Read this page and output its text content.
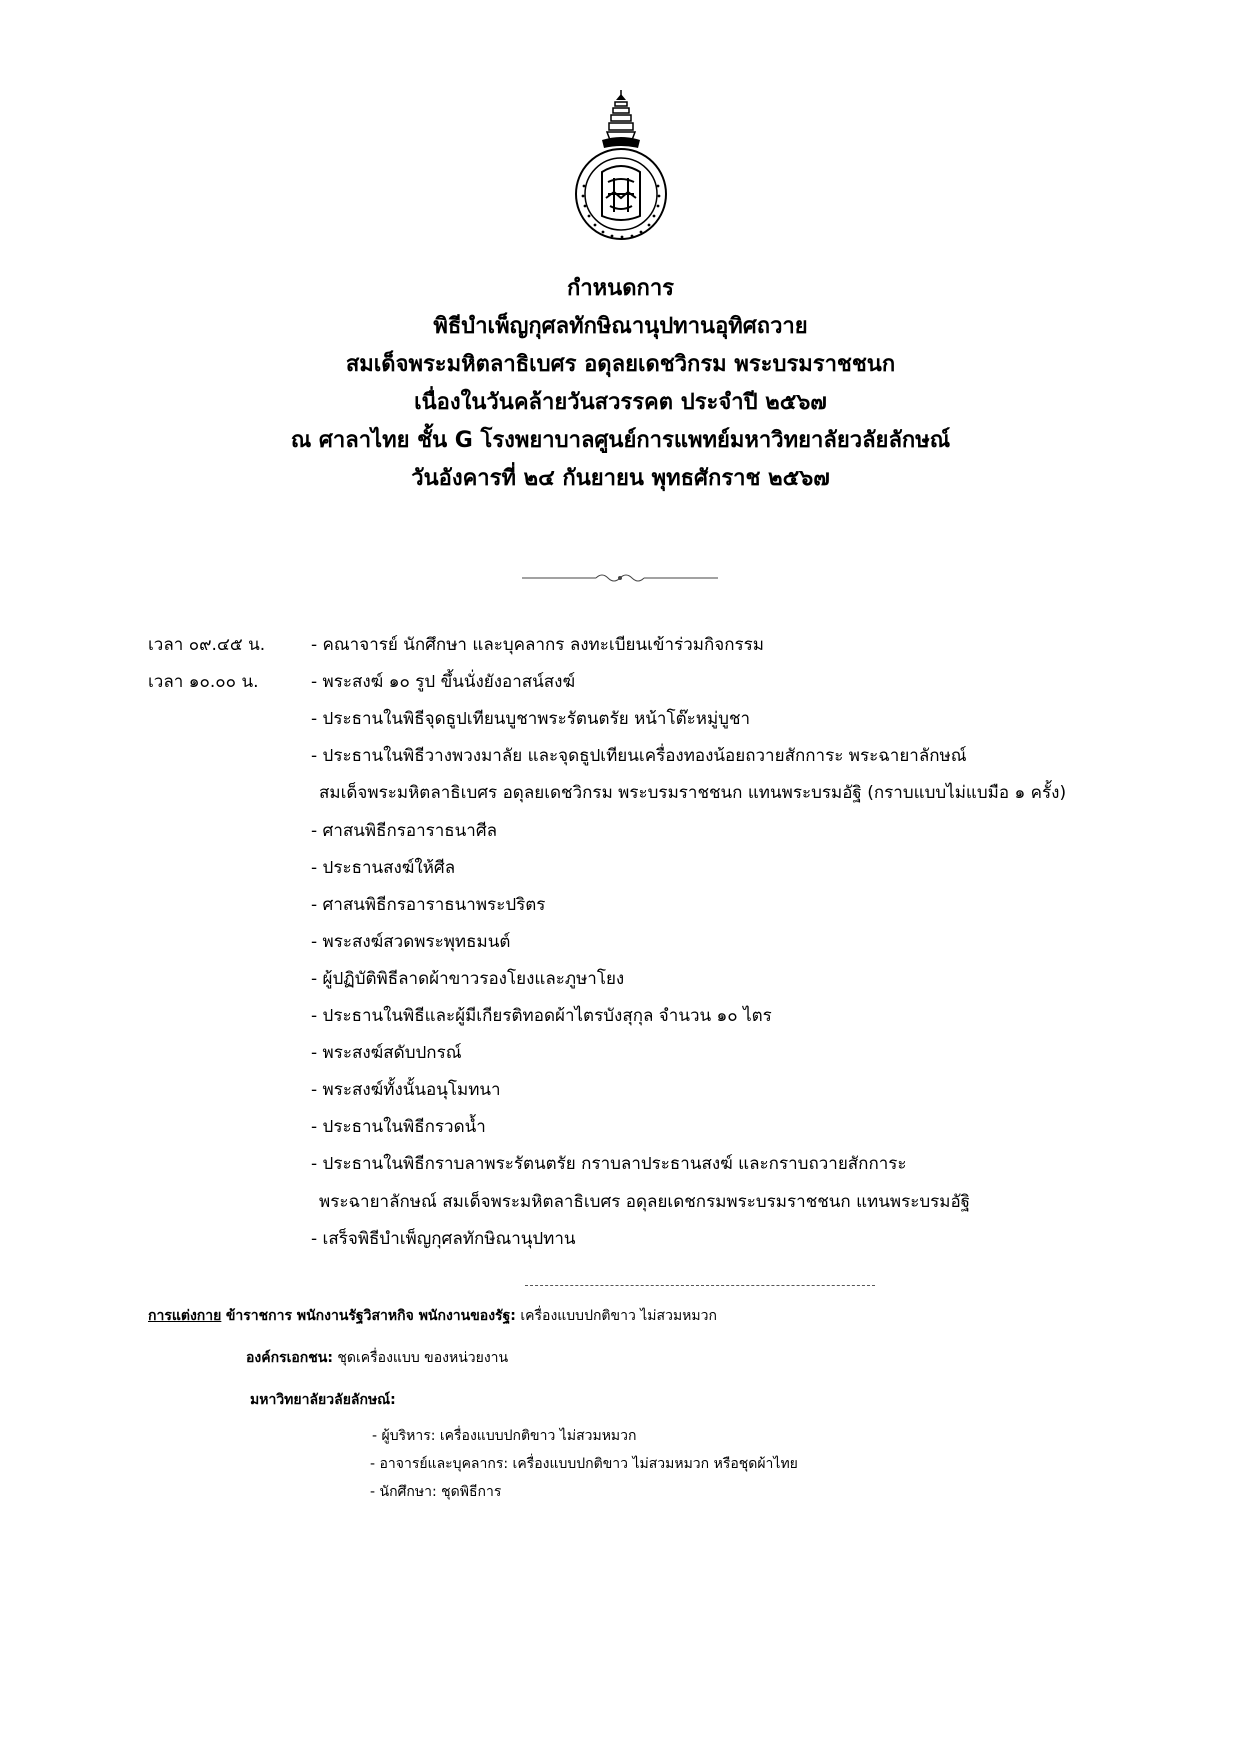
กำหนดการ
พิธีบำเพ็ญกุศลทักษิณานุปทานอุทิศถวาย
สมเด็จพระมหิตลาธิเบศร อดุลยเดชวิกรม พระบรมราชชนก
เนื่องในวันคล้ายวันสวรรคต ประจำปี ๒๕๖๗
ณ ศาลาไทย ชั้น G โรงพยาบาลศูนย์การแพทย์มหาวิทยาลัยวลัยลักษณ์
วันอังคารที่ ๒๔ กันยายน พุทธศักราช ๒๕๖๗
เวลา ๐๙.๔๕ น.	- คณาจารย์ นักศึกษา และบุคลากร ลงทะเบียนเข้าร่วมกิจกรรม
เวลา ๑๐.๐๐ น.	- พระสงฆ์ ๑๐ รูป ขึ้นนั่งยังอาสน์สงฆ์
- ประธานในพิธีจุดธูปเทียนบูชาพระรัตนตรัย หน้าโต๊ะหมู่บูชา
- ประธานในพิธีวางพวงมาลัย และจุดธูปเทียนเครื่องทองน้อยถวายสักการะ พระฉายาลักษณ์
สมเด็จพระมหิตลาธิเบศร อดุลยเดชวิกรม พระบรมราชชนก แทนพระบรมอัฐิ (กราบแบบไม่แบมือ ๑ ครั้ง)
- ศาสนพิธีกรอาราธนาศีล
- ประธานสงฆ์ให้ศีล
- ศาสนพิธีกรอาราธนาพระปริตร
- พระสงฆ์สวดพระพุทธมนต์
- ผู้ปฏิบัติพิธีลาดผ้าขาวรองโยงและภูษาโยง
- ประธานในพิธีและผู้มีเกียรติทอดผ้าไตรบังสุกุล จำนวน ๑๐ ไตร
- พระสงฆ์สดับปกรณ์
- พระสงฆ์ทั้งนั้นอนุโมทนา
- ประธานในพิธีกรวดน้ำ
- ประธานในพิธีกราบลาพระรัตนตรัย กราบลาประธานสงฆ์ และกราบถวายสักการะ
พระฉายาลักษณ์ สมเด็จพระมหิตลาธิเบศร อดุลยเดชกรมพระบรมราชชนก แทนพระบรมอัฐิ
- เสร็จพิธีบำเพ็ญกุศลทักษิณานุปทาน
การแต่งกาย ข้าราชการ พนักงานรัฐวิสาหกิจ พนักงานของรัฐ: เครื่องแบบปกติขาว ไม่สวมหมวก
องค์กรเอกชน: ชุดเครื่องแบบ ของหน่วยงาน
มหาวิทยาลัยวลัยลักษณ์:
- ผู้บริหาร: เครื่องแบบปกติขาว ไม่สวมหมวก
- อาจารย์และบุคลากร: เครื่องแบบปกติขาว ไม่สวมหมวก หรือชุดผ้าไทย
- นักศึกษา: ชุดพิธีการ
